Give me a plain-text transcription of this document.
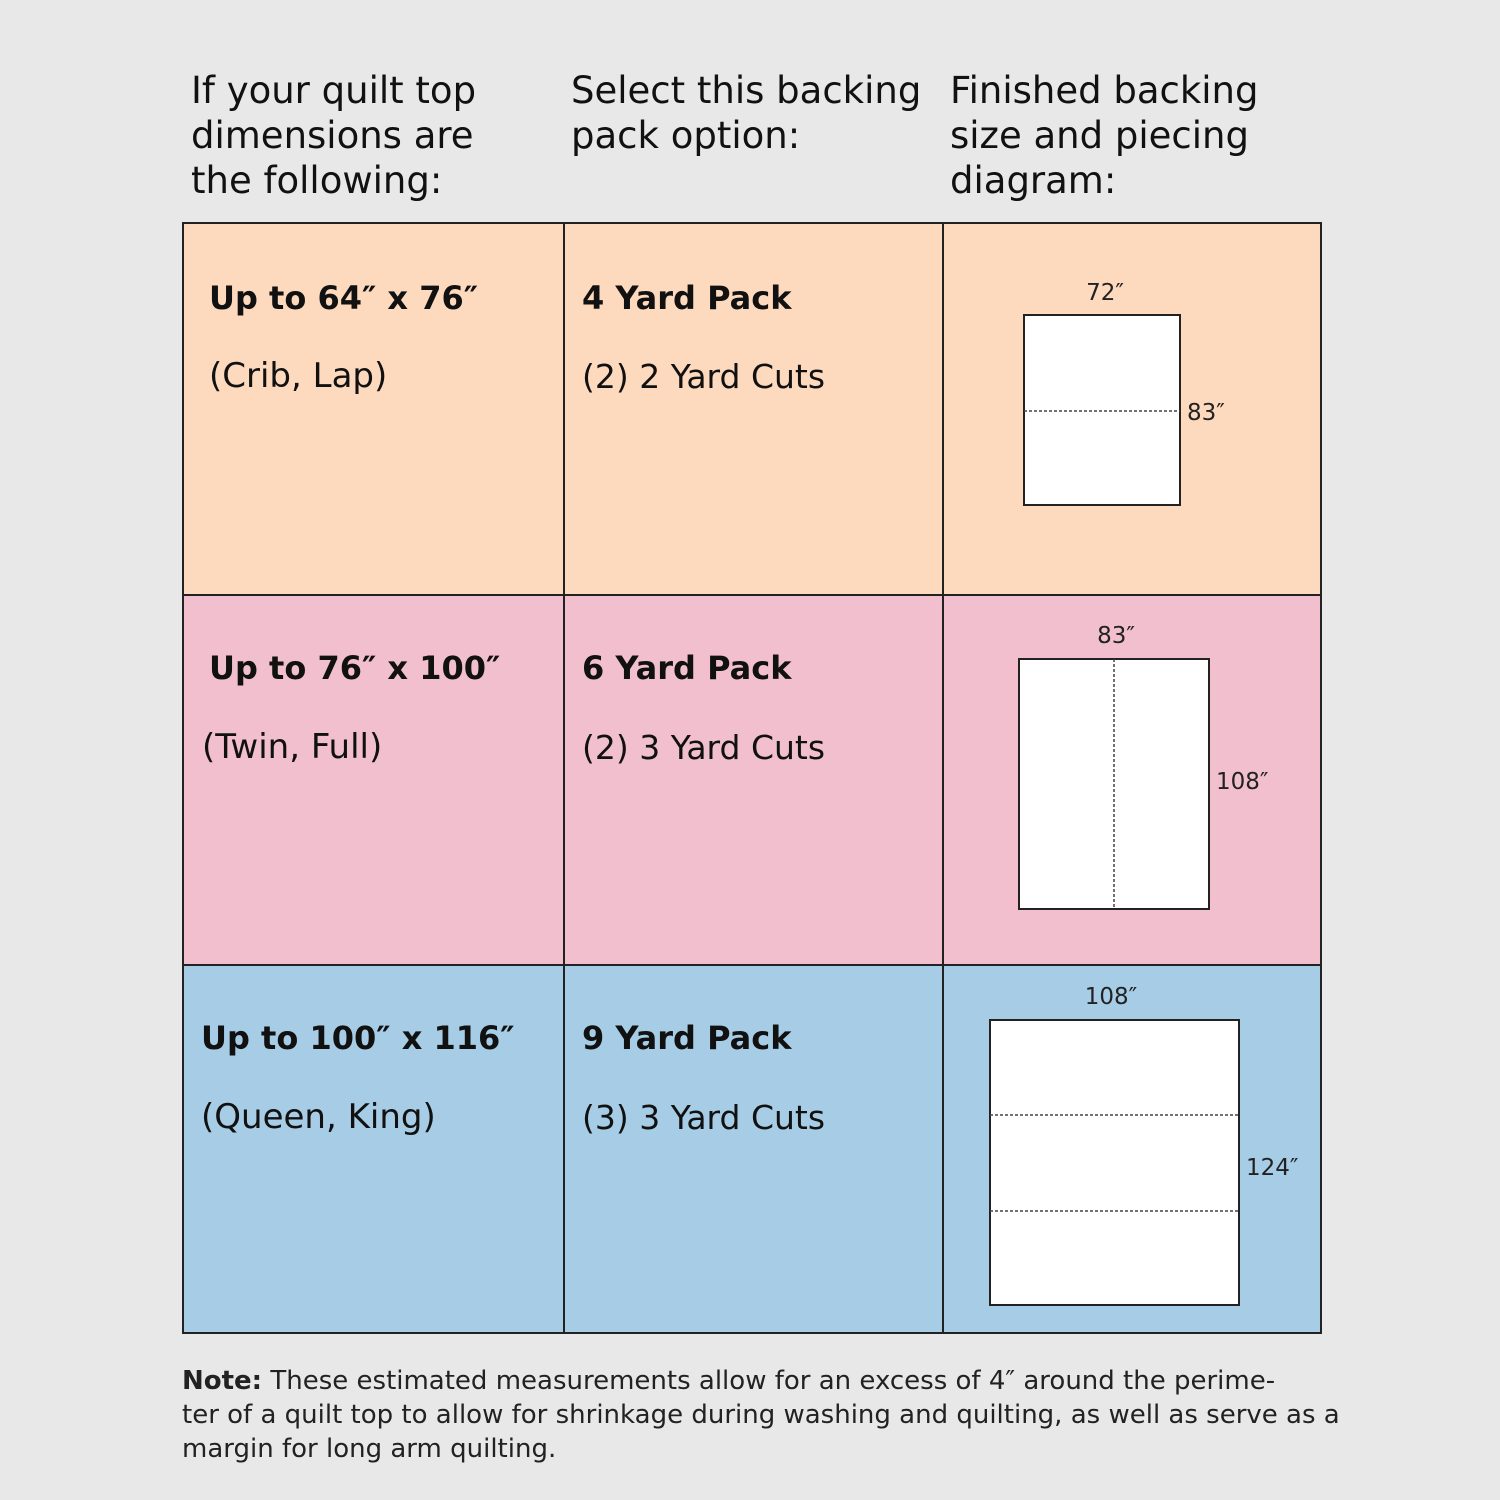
If your quilt top
dimensions are
the following:
Select this backing
pack option:
Finished backing
size and piecing
diagram:
Up to 64″ x 76″
(Crib, Lap)
4 Yard Pack
(2) 2 Yard Cuts
72″
83″
Up to 76″ x 100″
(Twin, Full)
6 Yard Pack
(2) 3 Yard Cuts
83″
108″
Up to 100″ x 116″
(Queen, King)
9 Yard Pack
(3) 3 Yard Cuts
108″
124″
Note: These estimated measurements allow for an excess of 4″ around the perime-
ter of a quilt top to allow for shrinkage during washing and quilting, as well as serve as a
margin for long arm quilting.
